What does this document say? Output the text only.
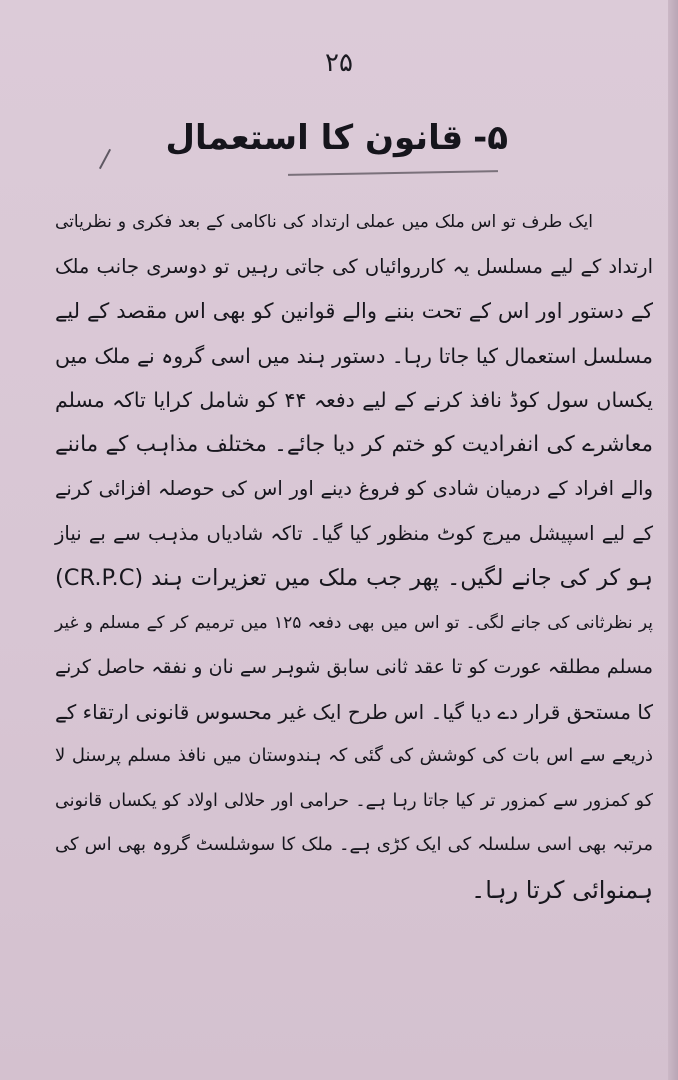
۲۵
۵-قانون کا استعمال
ایک طرف تو اس ملک میں عملی ارتداد کی ناکامی کے بعد فکری و نظریاتی
ارتداد کے لیے مسلسل یہ کارروائیاں کی جاتی رہیں تو دوسری جانب ملک
کے دستور اور اس کے تحت بننے والے قوانین کو بھی اس مقصد کے لیے
مسلسل استعمال کیا جاتا رہا۔ دستور ہند میں اسی گروہ نے ملک میں
یکساں سول کوڈ نافذ کرنے کے لیے دفعہ ۴۴ کو شامل کرایا تاکہ مسلم
معاشرے کی انفرادیت کو ختم کر دیا جائے۔ مختلف مذاہب کے ماننے
والے افراد کے درمیان شادی کو فروغ دینے اور اس کی حوصلہ افزائی کرنے
کے لیے اسپیشل میرج کوٹ منظور کیا گیا۔ تاکہ شادیاں مذہب سے بے نیاز
ہو کر کی جانے لگیں۔ پھر جب ملک میں تعزیرات ہند (CR.P.C)
پر نظرثانی کی جانے لگی۔ تو اس میں بھی دفعہ ۱۲۵ میں ترمیم کر کے مسلم و غیر
مسلم مطلقہ عورت کو تا عقد ثانی سابق شوہر سے نان و نفقہ حاصل کرنے
کا مستحق قرار دے دیا گیا۔ اس طرح ایک غیر محسوس قانونی ارتقاء کے
ذریعے سے اس بات کی کوشش کی گئی کہ ہندوستان میں نافذ مسلم پرسنل لا
کو کمزور سے کمزور تر کیا جاتا رہا ہے۔ حرامی اور حلالی اولاد کو یکساں قانونی
مرتبہ بھی اسی سلسلہ کی ایک کڑی ہے۔ ملک کا سوشلسٹ گروہ بھی اس کی
ہمنوائی کرتا رہا۔
